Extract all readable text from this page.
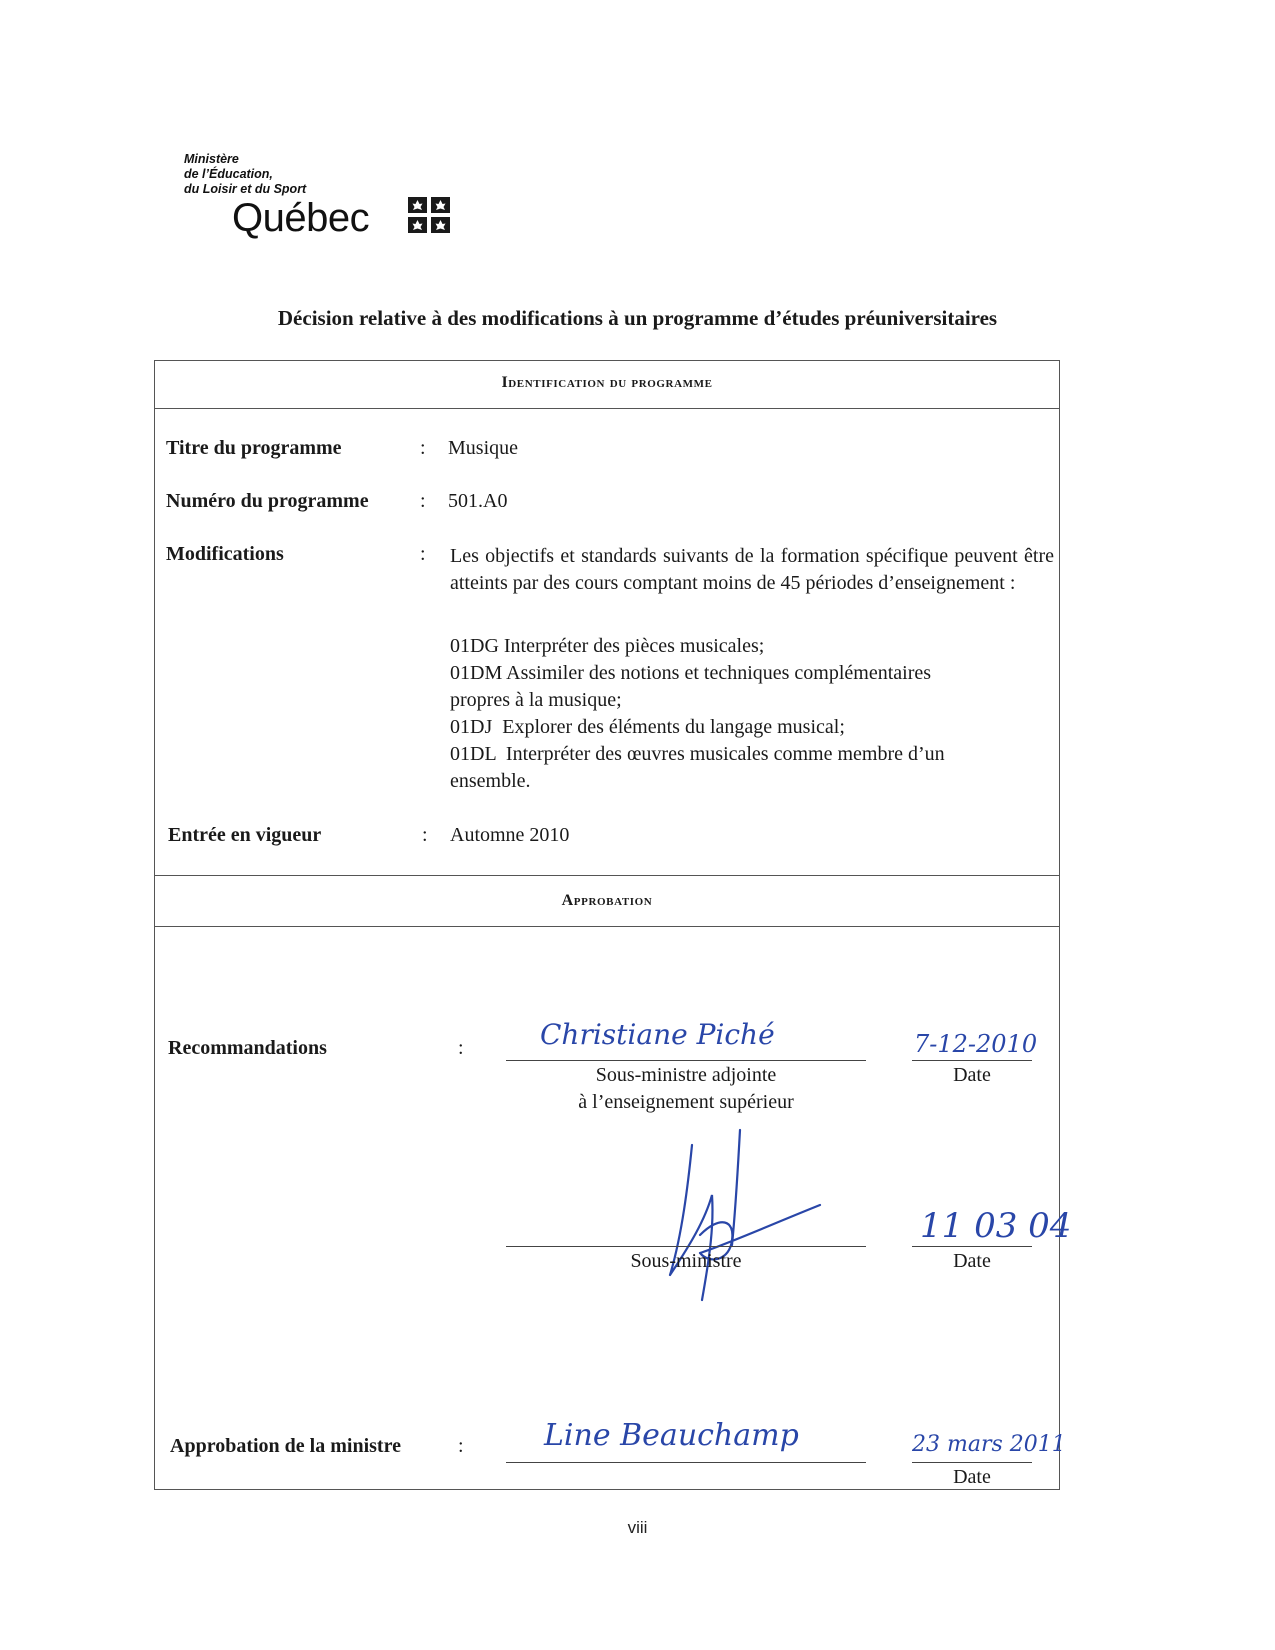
Ministère
de l’Éducation,
du Loisir et du Sport
Québec
Décision relative à des modifications à un programme d’études préuniversitaires
Identification du programme
Titre du programme	: Musique
Numéro du programme	: 501.A0
Modifications	: Les objectifs et standards suivants de la formation spécifique peuvent être atteints par des cours comptant moins de 45 périodes d’enseignement :
01DG Interpréter des pièces musicales;
01DM Assimiler des notions et techniques complémentaires
propres à la musique;
01DJ  Explorer des éléments du langage musical;
01DL  Interpréter des œuvres musicales comme membre d’un
ensemble.
Entrée en vigueur	: Automne 2010
Approbation
Recommandations	:	Christiane Piché
Sous-ministre adjointe
à l’enseignement supérieur
7-12-2010
Date
Sous-ministre
11 03 04
Date
Approbation de la ministre	:	Line Beauchamp	23 mars 2011
Date
viii
